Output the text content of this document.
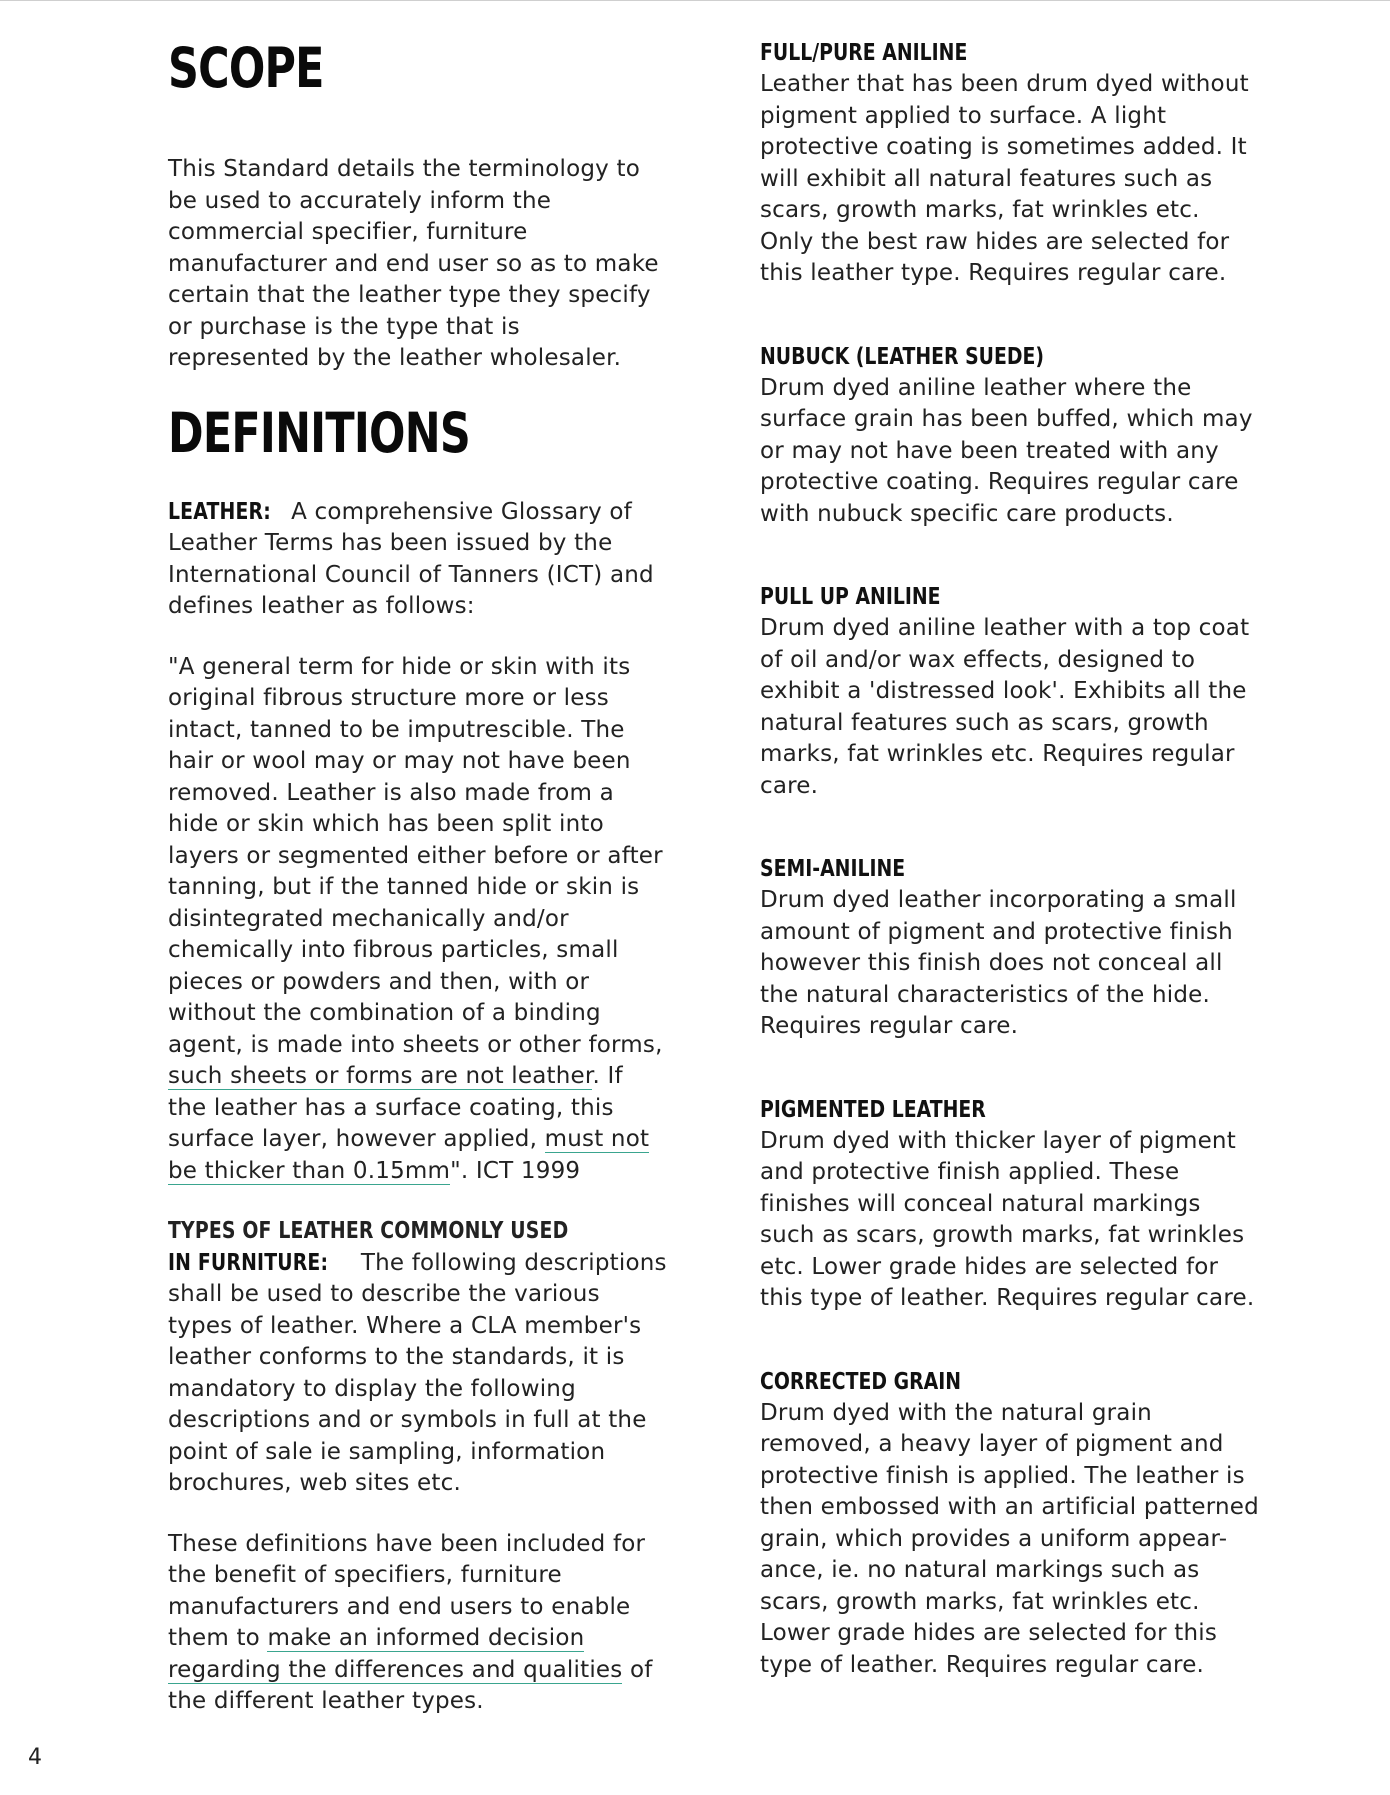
SCOPE

This Standard details the terminology to be used to accurately inform the commercial specifier, furniture manufacturer and end user so as to make certain that the leather type they specify or purchase is the type that is represented by the leather wholesaler.

DEFINITIONS

LEATHER: A comprehensive Glossary of Leather Terms has been issued by the International Council of Tanners (ICT) and defines leather as follows:

"A general term for hide or skin with its original fibrous structure more or less intact, tanned to be imputrescible. The hair or wool may or may not have been removed. Leather is also made from a hide or skin which has been split into layers or segmented either before or after tanning, but if the tanned hide or skin is disintegrated mechanically and/or chemically into fibrous particles, small pieces or powders and then, with or without the combination of a binding agent, is made into sheets or other forms, such sheets or forms are not leather. If the leather has a surface coating, this surface layer, however applied, must not be thicker than 0.15mm". ICT 1999

TYPES OF LEATHER COMMONLY USED
IN FURNITURE: The following descriptions shall be used to describe the various types of leather. Where a CLA member's leather conforms to the standards, it is mandatory to display the following descriptions and or symbols in full at the point of sale ie sampling, information brochures, web sites etc.

These definitions have been included for the benefit of specifiers, furniture manufacturers and end users to enable them to make an informed decision regarding the differences and qualities of the different leather types.

FULL/PURE ANILINE

Leather that has been drum dyed without pigment applied to surface. A light protective coating is sometimes added. It will exhibit all natural features such as scars, growth marks, fat wrinkles etc. Only the best raw hides are selected for this leather type. Requires regular care.

NUBUCK (LEATHER SUEDE)

Drum dyed aniline leather where the surface grain has been buffed, which may or may not have been treated with any protective coating. Requires regular care with nubuck specific care products.

PULL UP ANILINE

Drum dyed aniline leather with a top coat of oil and/or wax effects, designed to exhibit a 'distressed look'. Exhibits all the natural features such as scars, growth marks, fat wrinkles etc. Requires regular care.

SEMI-ANILINE

Drum dyed leather incorporating a small amount of pigment and protective finish however this finish does not conceal all the natural characteristics of the hide. Requires regular care.

PIGMENTED LEATHER

Drum dyed with thicker layer of pigment and protective finish applied. These finishes will conceal natural markings such as scars, growth marks, fat wrinkles etc. Lower grade hides are selected for this type of leather. Requires regular care.

CORRECTED GRAIN

Drum dyed with the natural grain removed, a heavy layer of pigment and protective finish is applied. The leather is then embossed with an artificial patterned grain, which provides a uniform appear- ance, ie. no natural markings such as scars, growth marks, fat wrinkles etc. Lower grade hides are selected for this type of leather. Requires regular care.

4
